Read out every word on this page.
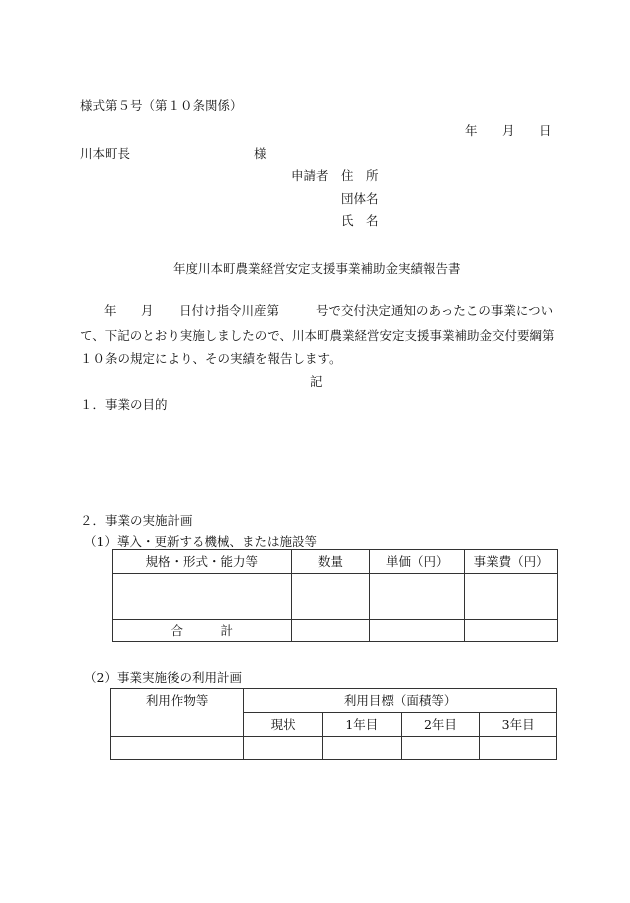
様式第５号（第１０条関係）
年 月 日
川本町長	様
申請者 住　所
団体名
氏　名
年度川本町農業経営安定支援事業補助金実績報告書
年 月 日付け指令川産第	号で交付決定通知のあったこの事業につい
て、下記のとおり実施しましたので、川本町農業経営安定支援事業補助金交付要綱第
１０条の規定により、その実績を報告します。
記
１．事業の目的
２．事業の実施計画
（1）導入・更新する機械、または施設等
規格・形式・能力等	数量	単価（円）	事業費（円）

合　　　計			
（2）事業実施後の利用計画
利用作物等	利用目標（面積等）			
	現状	1年目	2年目	3年目
